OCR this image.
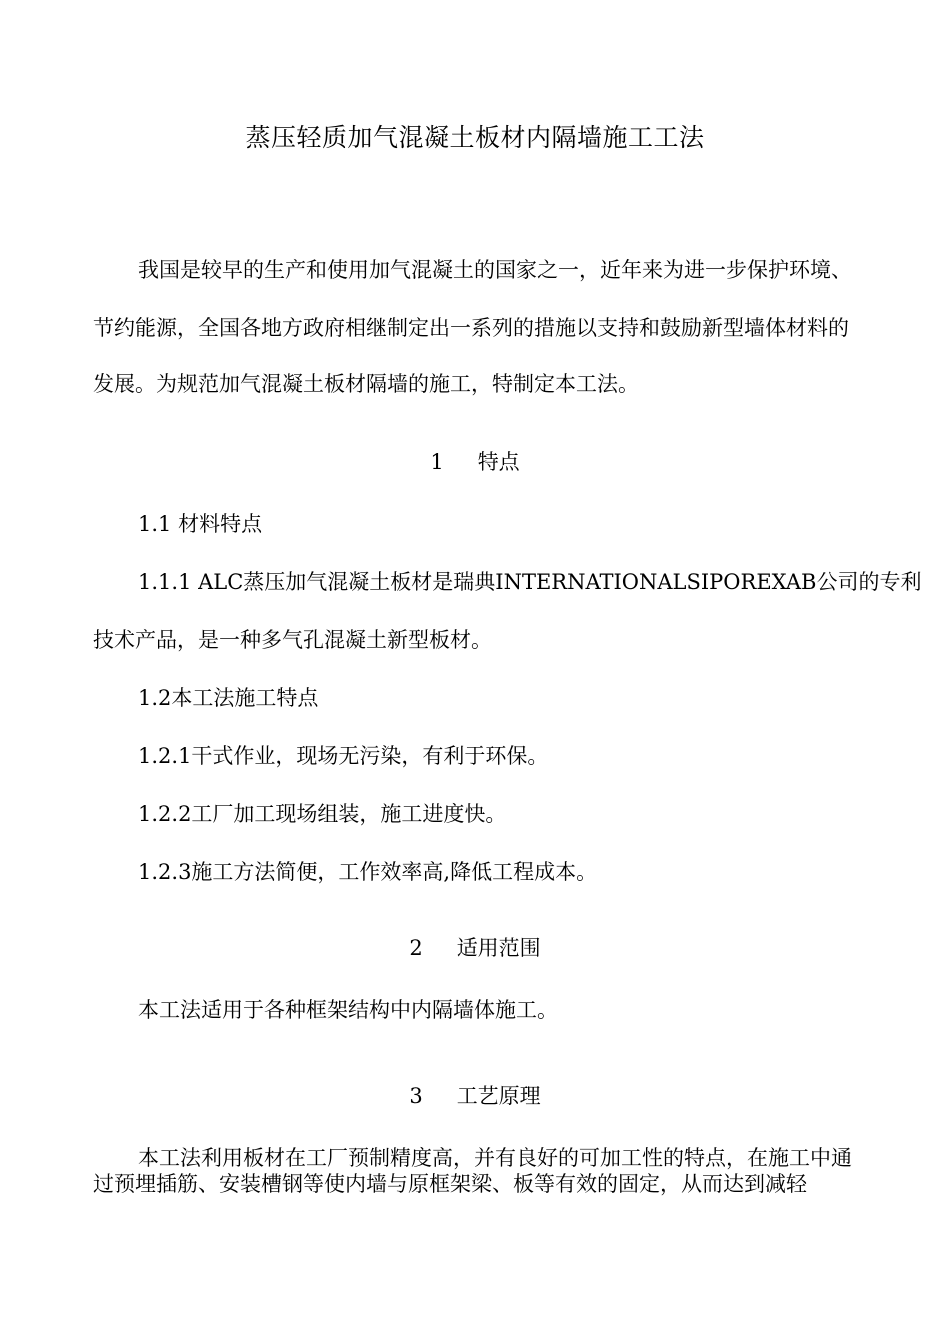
蒸压轻质加气混凝土板材内隔墙施工工法
我国是较早的生产和使用加气混凝土的国家之一，近年来为进一步保护环境、
节约能源，全国各地方政府相继制定出一系列的措施以支持和鼓励新型墙体材料的
发展。为规范加气混凝土板材隔墙的施工，特制定本工法。
1 特点
1.1 材料特点
1.1.1 ALC蒸压加气混凝土板材是瑞典INTERNATIONALSIPOREXAB公司的专利
技术产品，是一种多气孔混凝土新型板材。
1.2本工法施工特点
1.2.1干式作业，现场无污染，有利于环保。
1.2.2工厂加工现场组装，施工进度快。
1.2.3施工方法简便，工作效率高,降低工程成本。
2 适用范围
本工法适用于各种框架结构中内隔墙体施工。
3 工艺原理
本工法利用板材在工厂预制精度高，并有良好的可加工性的特点，在施工中通
过预埋插筋、安装槽钢等使内墙与原框架梁、板等有效的固定，从而达到减轻
